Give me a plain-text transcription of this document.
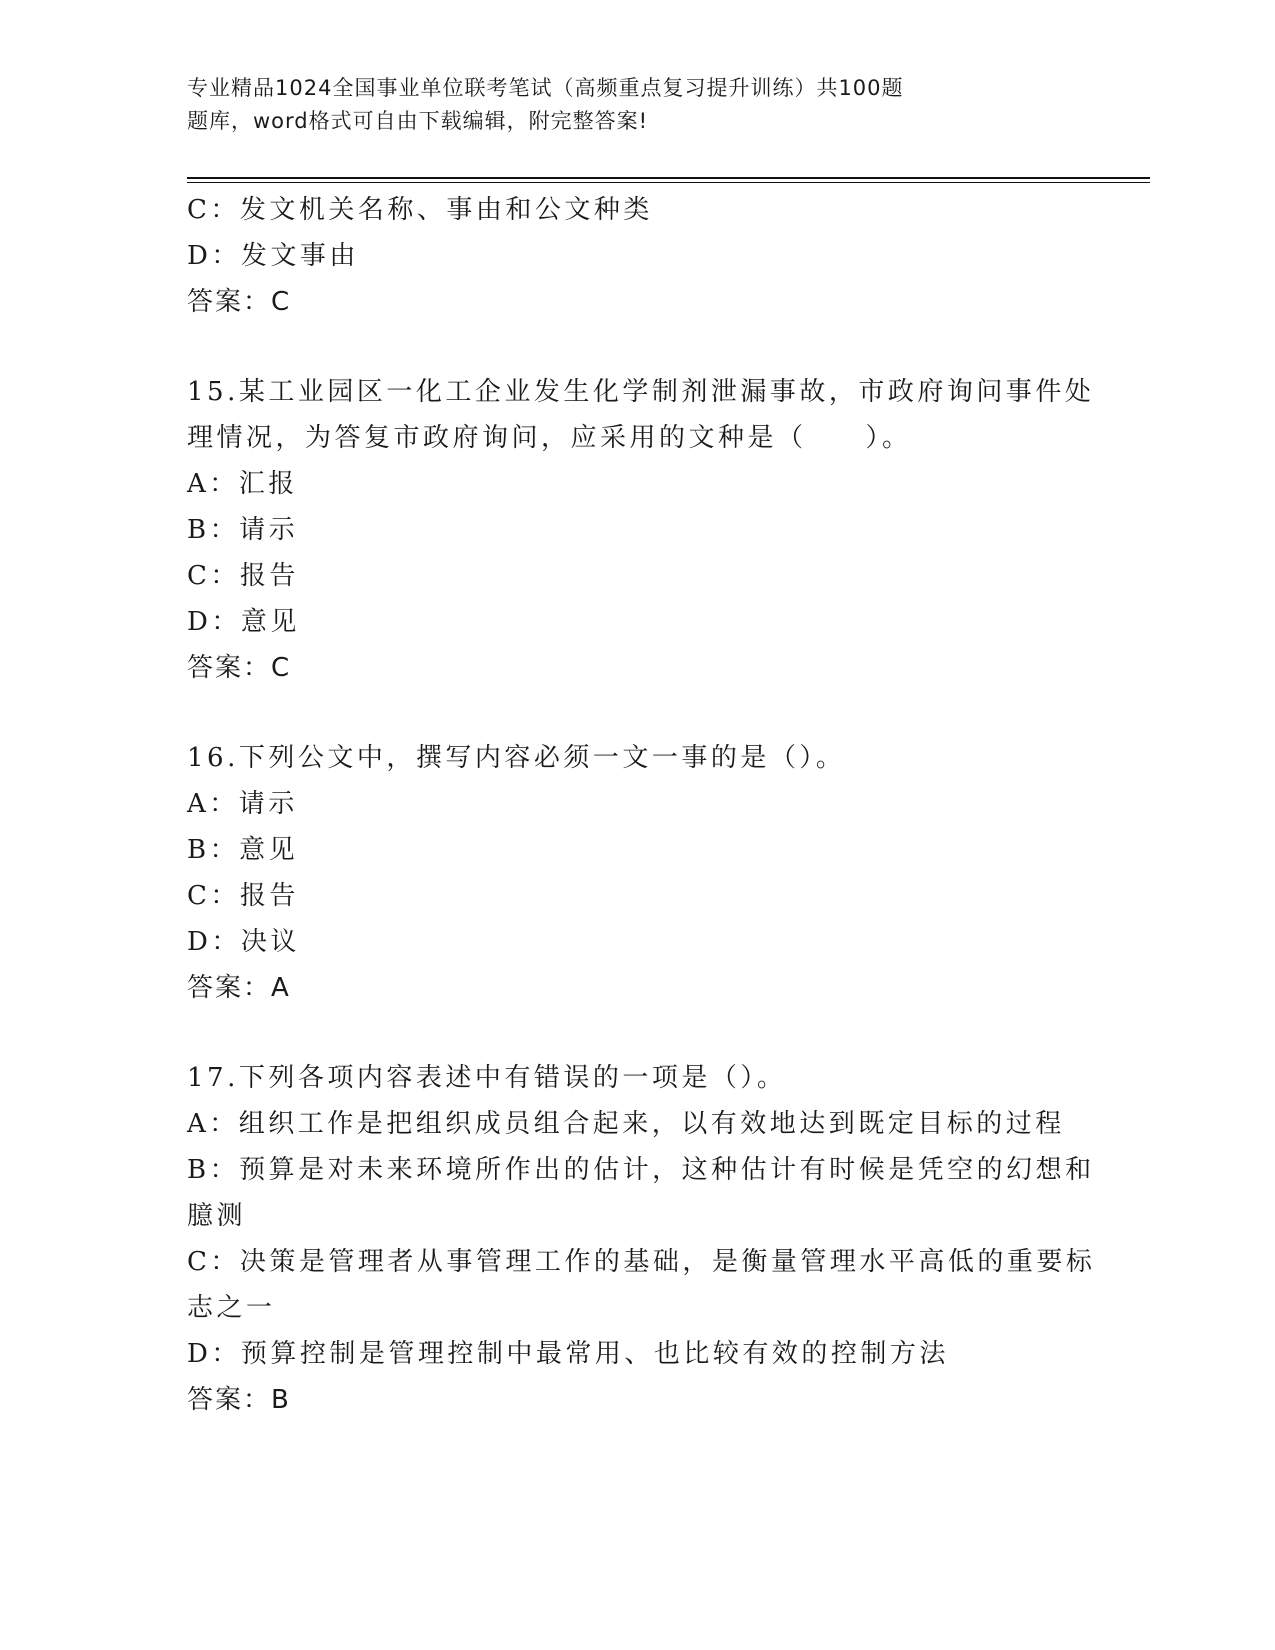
专业精品1024全国事业单位联考笔试（高频重点复习提升训练）共100题
题库，word格式可自由下载编辑，附完整答案!
C：发文机关名称、事由和公文种类
D：发文事由
答案：C
15.某工业园区一化工企业发生化学制剂泄漏事故，市政府询问事件处
理情况，为答复市政府询问，应采用的文种是（　　）。
A：汇报
B：请示
C：报告
D：意见
答案：C
16.下列公文中，撰写内容必须一文一事的是（）。
A：请示
B：意见
C：报告
D：决议
答案：A
17.下列各项内容表述中有错误的一项是（）。
A：组织工作是把组织成员组合起来，以有效地达到既定目标的过程
B：预算是对未来环境所作出的估计，这种估计有时候是凭空的幻想和
臆测
C：决策是管理者从事管理工作的基础，是衡量管理水平高低的重要标
志之一
D：预算控制是管理控制中最常用、也比较有效的控制方法
答案：B
